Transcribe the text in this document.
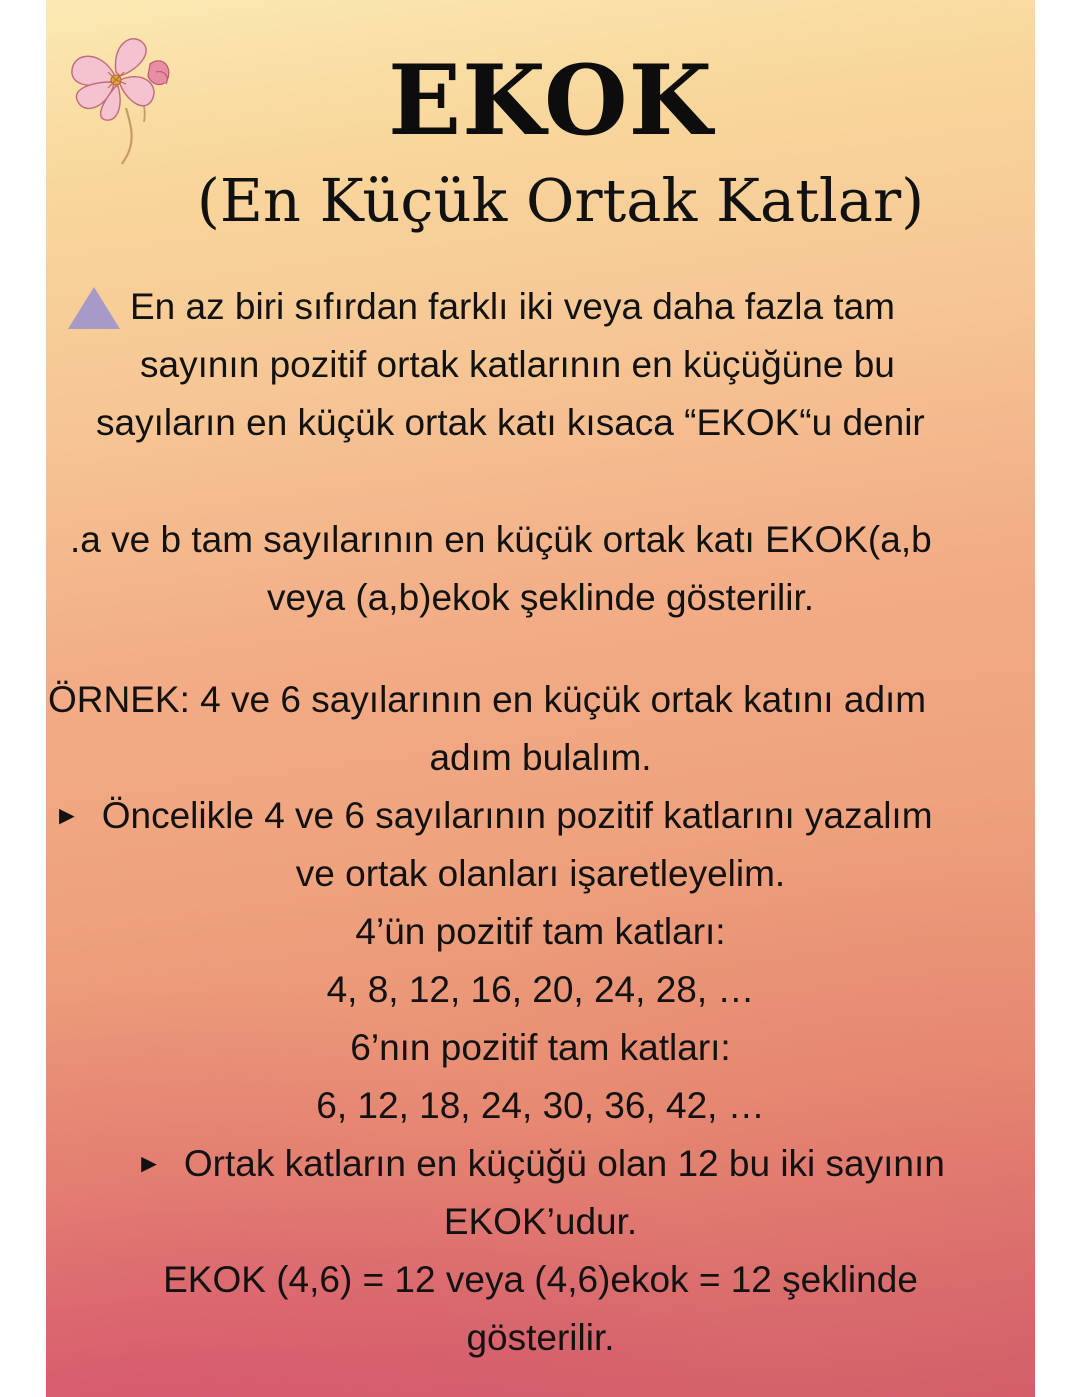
EKOK
(En Küçük Ortak Katlar)
En az biri sıfırdan farklı iki veya daha fazla tam
sayının pozitif ortak katlarının en küçüğüne bu
sayıların en küçük ortak katı kısaca “EKOK“u denir
.a ve b tam sayılarının en küçük ortak katı EKOK(a,b
veya (a,b)ekok şeklinde gösterilir.
ÖRNEK: 4 ve 6 sayılarının en küçük ortak katını adım
adım bulalım.
► Öncelikle 4 ve 6 sayılarının pozitif katlarını yazalım
ve ortak olanları işaretleyelim.
4’ün pozitif tam katları:
4, 8, 12, 16, 20, 24, 28, …
6’nın pozitif tam katları:
6, 12, 18, 24, 30, 36, 42, …
► Ortak katların en küçüğü olan 12 bu iki sayının
EKOK’udur.
EKOK (4,6) = 12 veya (4,6)ekok = 12 şeklinde
gösterilir.
